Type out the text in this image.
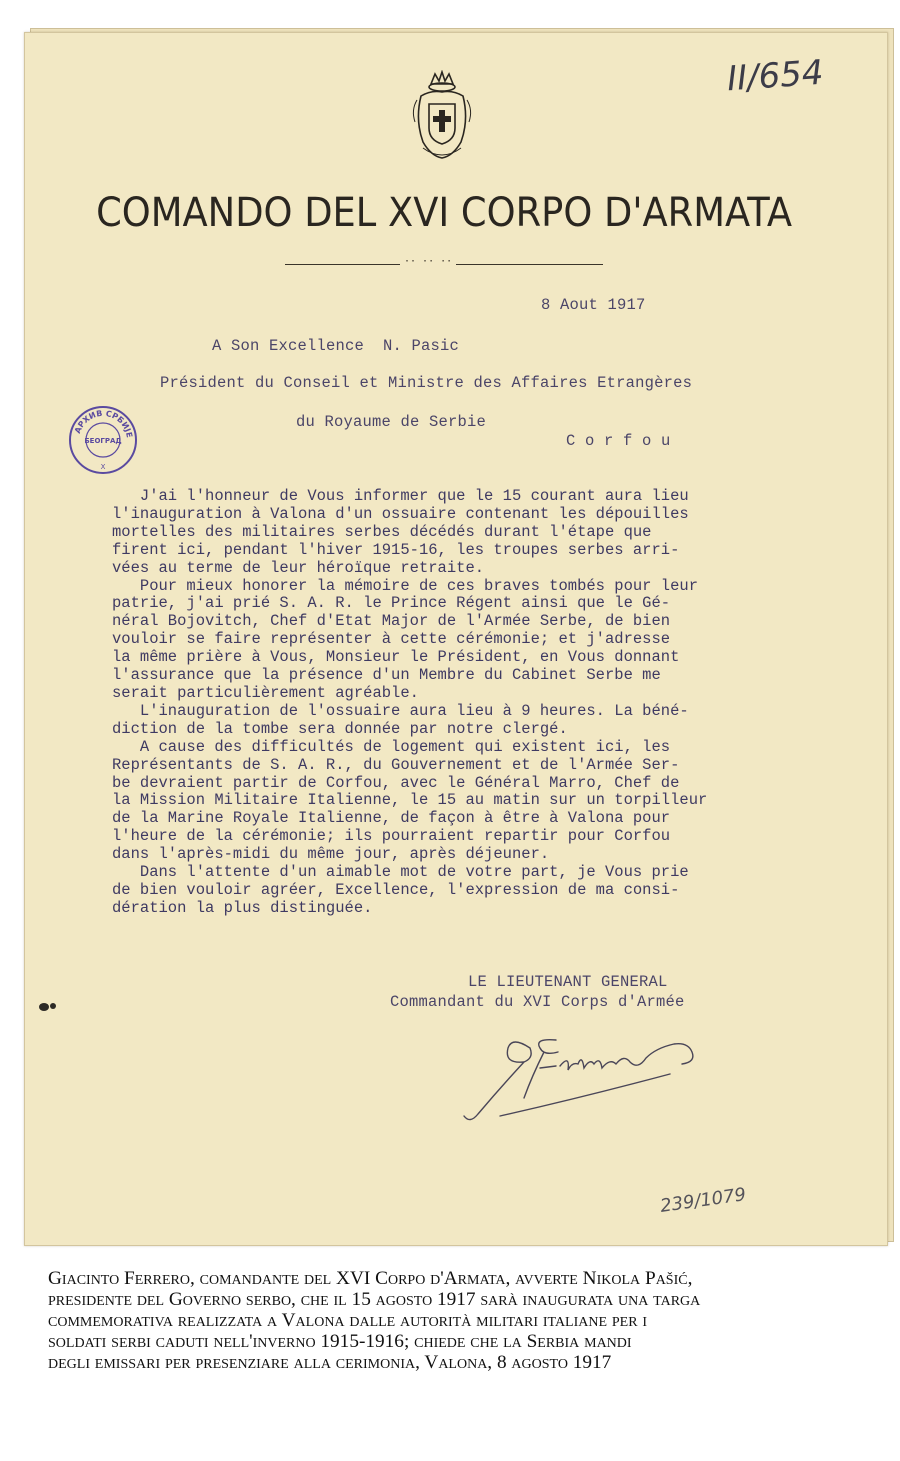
II/654
COMANDO DEL XVI CORPO D'ARMATA
·· ·· ··
8 Aout 1917
A Son Excellence  N. Pasic
Président du Conseil et Ministre des Affaires Etrangères
du Royaume de Serbie
C o r f o u
АРХИВ СРБИЈЕ
БЕОГРАД
X
J'ai l'honneur de Vous informer que le 15 courant aura lieu
l'inauguration à Valona d'un ossuaire contenant les dépouilles
mortelles des militaires serbes décédés durant l'étape que
firent ici, pendant l'hiver 1915-16, les troupes serbes arri-
vées au terme de leur héroïque retraite.
Pour mieux honorer la mémoire de ces braves tombés pour leur
patrie, j'ai prié S. A. R. le Prince Régent ainsi que le Gé-
néral Bojovitch, Chef d'Etat Major de l'Armée Serbe, de bien
vouloir se faire représenter à cette cérémonie; et j'adresse
la même prière à Vous, Monsieur le Président, en Vous donnant
l'assurance que la présence d'un Membre du Cabinet Serbe me
serait particulièrement agréable.
L'inauguration de l'ossuaire aura lieu à 9 heures. La béné-
diction de la tombe sera donnée par notre clergé.
A cause des difficultés de logement qui existent ici, les
Représentants de S. A. R., du Gouvernement et de l'Armée Ser-
be devraient partir de Corfou, avec le Général Marro, Chef de
la Mission Militaire Italienne, le 15 au matin sur un torpilleur
de la Marine Royale Italienne, de façon à être à Valona pour
l'heure de la cérémonie; ils pourraient repartir pour Corfou
dans l'après-midi du même jour, après déjeuner.
Dans l'attente d'un aimable mot de votre part, je Vous prie
de bien vouloir agréer, Excellence, l'expression de ma consi-
dération la plus distinguée.
LE LIEUTENANT GENERAL
Commandant du XVI Corps d'Armée
239/1079
Giacinto Ferrero, comandante del XVI Corpo d'Armata, avverte Nikola Pašić,
presidente del Governo serbo, che il 15 agosto 1917 sarà inaugurata una targa
commemorativa realizzata a Valona dalle autorità militari italiane per i
soldati serbi caduti nell'inverno 1915-1916; chiede che la Serbia mandi
degli emissari per presenziare alla cerimonia, Valona, 8 agosto 1917
